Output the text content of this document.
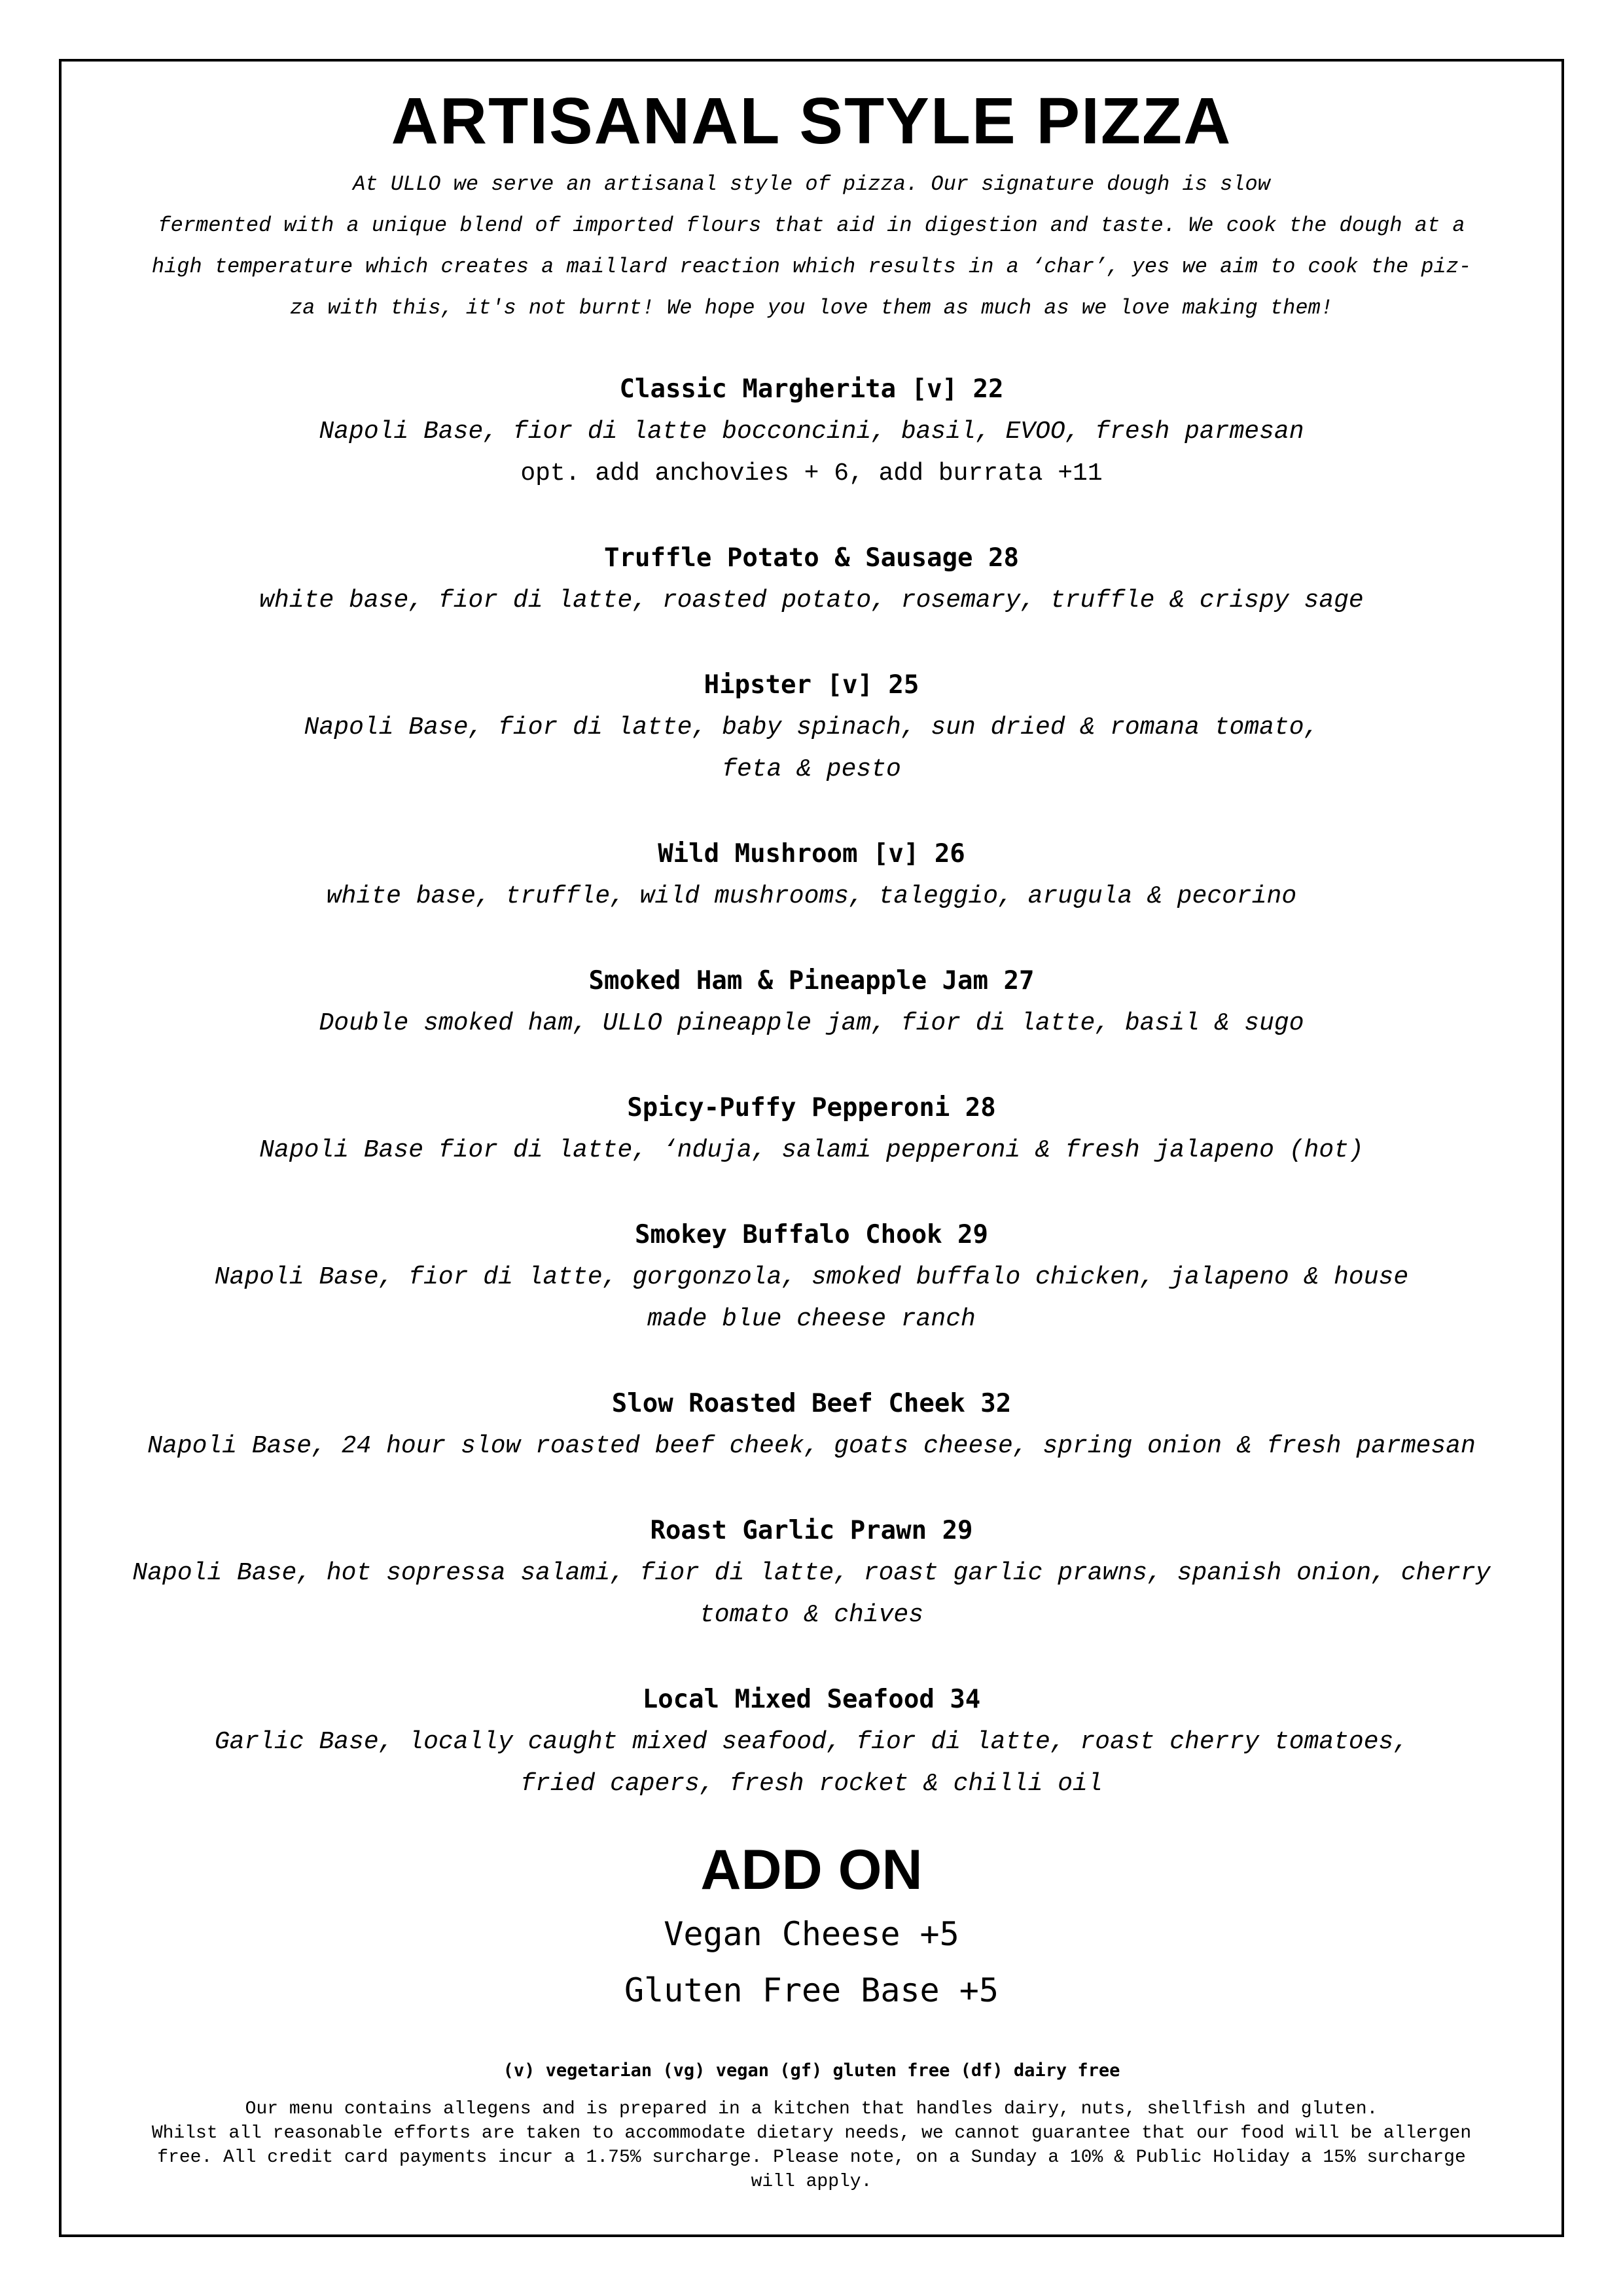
ARTISANAL STYLE PIZZA
At ULLO we serve an artisanal style of pizza. Our signature dough is slow
fermented with a unique blend of imported flours that aid in digestion and taste. We cook the dough at a
high temperature which creates a maillard reaction which results in a ‘char’, yes we aim to cook the piz-
za with this, it's not burnt! We hope you love them as much as we love making them!
Classic Margherita [v] 22
Napoli Base, fior di latte bocconcini, basil, EVOO, fresh parmesan
opt. add anchovies + 6, add burrata +11
Truffle Potato & Sausage 28
white base, fior di latte, roasted potato, rosemary, truffle & crispy sage
Hipster [v] 25
Napoli Base, fior di latte, baby spinach, sun dried & romana tomato,
feta & pesto
Wild Mushroom [v] 26
white base, truffle, wild mushrooms, taleggio, arugula & pecorino
Smoked Ham & Pineapple Jam 27
Double smoked ham, ULLO pineapple jam, fior di latte, basil & sugo
Spicy-Puffy Pepperoni 28
Napoli Base fior di latte, ‘nduja, salami pepperoni & fresh jalapeno (hot)
Smokey Buffalo Chook 29
Napoli Base, fior di latte, gorgonzola, smoked buffalo chicken, jalapeno & house
made blue cheese ranch
Slow Roasted Beef Cheek 32
Napoli Base, 24 hour slow roasted beef cheek, goats cheese, spring onion & fresh parmesan
Roast Garlic Prawn 29
Napoli Base, hot sopressa salami, fior di latte, roast garlic prawns, spanish onion, cherry
tomato & chives
Local Mixed Seafood 34
Garlic Base, locally caught mixed seafood, fior di latte, roast cherry tomatoes,
fried capers, fresh rocket & chilli oil
ADD ON
Vegan Cheese +5
Gluten Free Base +5
(v) vegetarian (vg) vegan (gf) gluten free (df) dairy free
Our menu contains allegens and is prepared in a kitchen that handles dairy, nuts, shellfish and gluten.
Whilst all reasonable efforts are taken to accommodate dietary needs, we cannot guarantee that our food will be allergen
free. All credit card payments incur a 1.75% surcharge. Please note, on a Sunday a 10% & Public Holiday a 15% surcharge
will apply.
